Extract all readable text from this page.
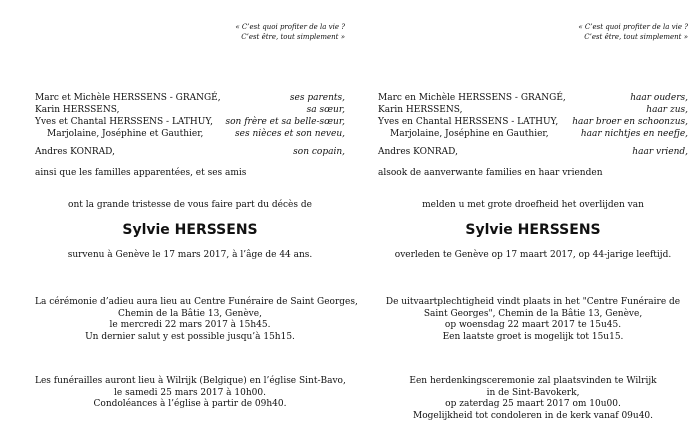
« C’est quoi profiter de la vie ?
C’est être, tout simplement »
Marc et Michèle HERSSENS - GRANGÉ,	ses parents,
Karin HERSSENS,	sa sœur,
Yves et Chantal HERSSENS - LATHUY, son frère et sa belle-sœur,
Marjolaine, Joséphine et Gauthier,	ses nièces et son neveu,
Andres KONRAD,	son copain,
ainsi que les familles apparentées, et ses amis
ont la grande tristesse de vous faire part du décès de
Sylvie HERSSENS
survenu à Genève le 17 mars 2017, à l’âge de 44 ans.
La cérémonie d’adieu aura lieu au Centre Funéraire de Saint Georges,
Chemin de la Bâtie 13, Genève,
le mercredi 22 mars 2017 à 15h45.
Un dernier salut y est possible jusqu’à 15h15.
Les funérailles auront lieu à Wilrijk (Belgique) en l’église Sint-Bavo,
le samedi 25 mars 2017 à 10h00.
Condoléances à l’église à partir de 09h40.
« C’est quoi profiter de la vie ?
C’est être, tout simplement »
Marc en Michèle HERSSENS - GRANGÉ,	haar ouders,
Karin HERSSENS,	haar zus,
Yves en Chantal HERSSENS - LATHUY, haar broer en schoonzus,
Marjolaine, Joséphine en Gauthier,	haar nichtjes en neefje,
Andres KONRAD,	haar vriend,
alsook de aanverwante families en haar vrienden
melden u met grote droefheid het overlijden van
Sylvie HERSSENS
overleden te Genève op 17 maart 2017, op 44-jarige leeftijd.
De uitvaartplechtigheid vindt plaats in het "Centre Funéraire de
Saint Georges", Chemin de la Bâtie 13, Genève,
op woensdag 22 maart 2017 te 15u45.
Een laatste groet is mogelijk tot 15u15.
Een herdenkingsceremonie zal plaatsvinden te Wilrijk
in de Sint-Bavokerk,
op zaterdag 25 maart 2017 om 10u00.
Mogelijkheid tot condoleren in de kerk vanaf 09u40.
